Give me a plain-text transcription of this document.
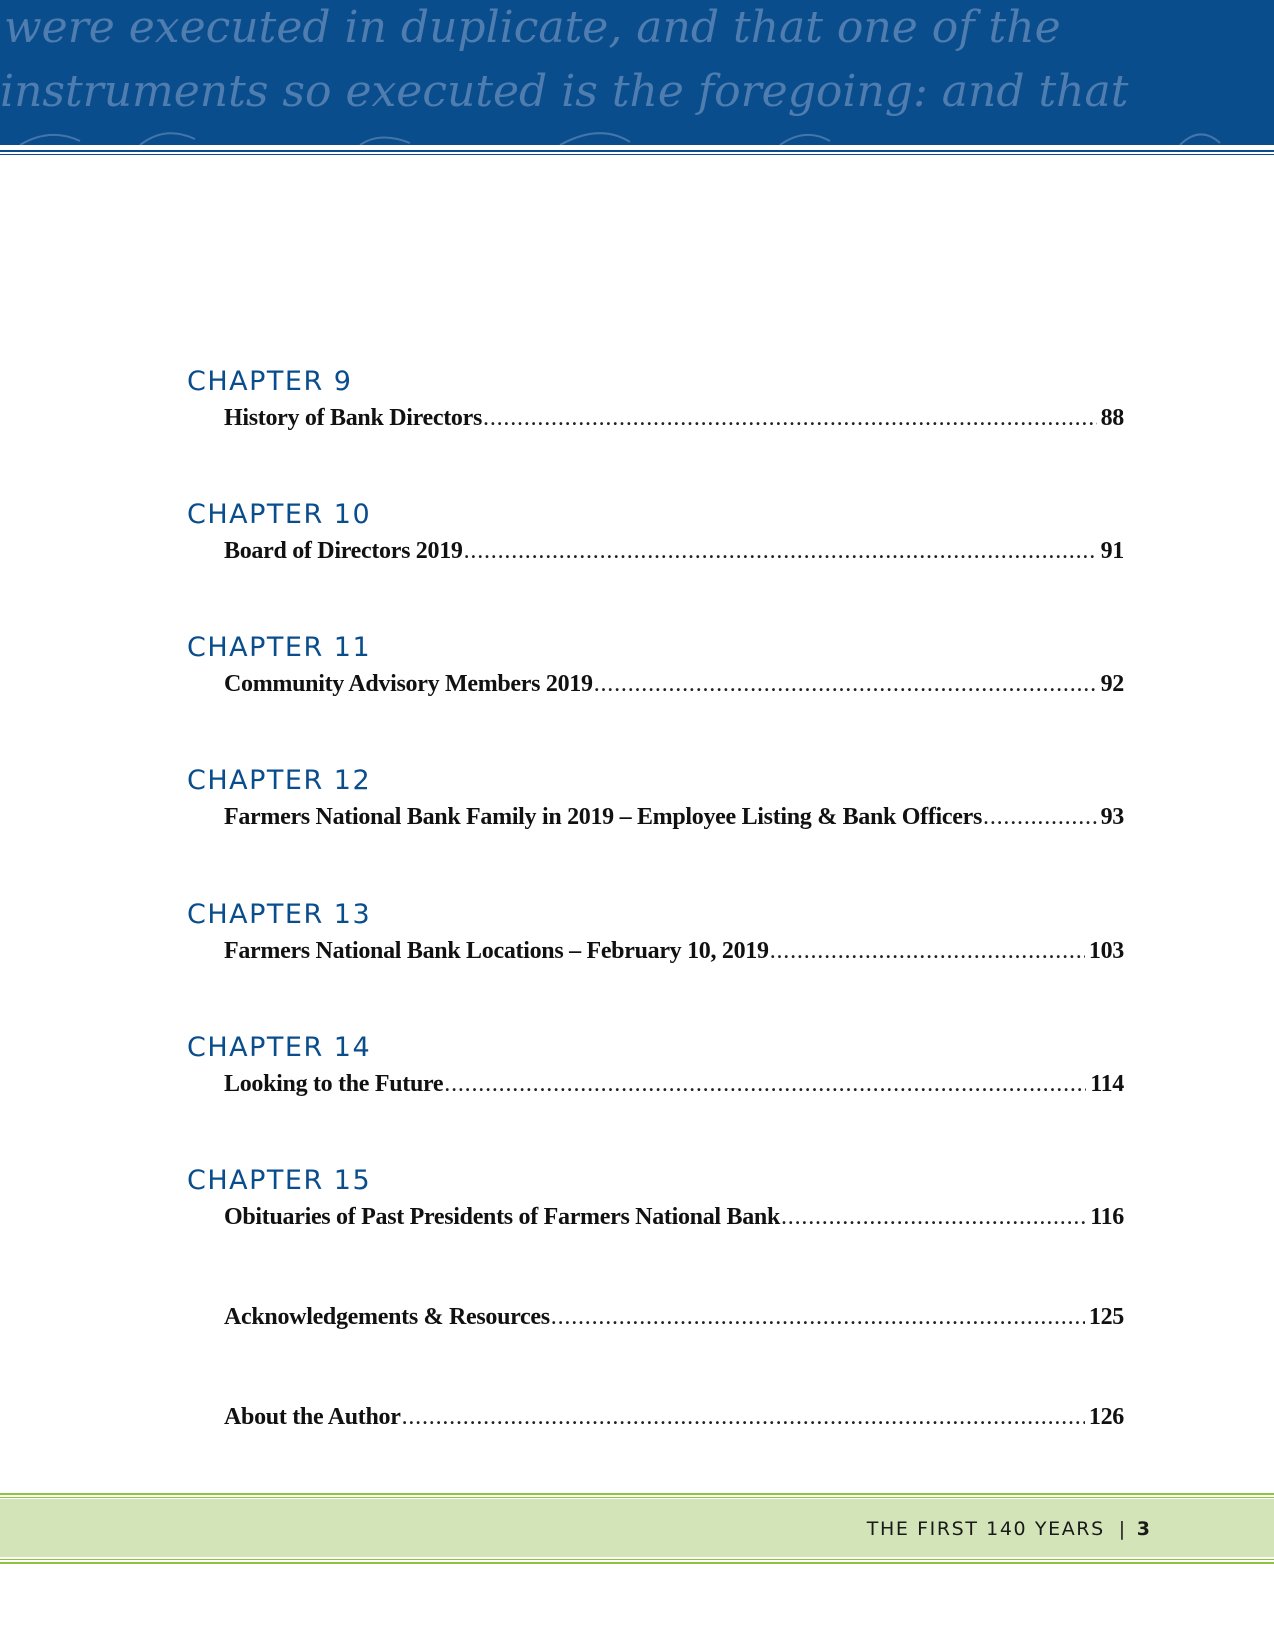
were executed in duplicate, and that one of the
instruments so executed is the foregoing: and that
CHAPTER 9
History of Bank Directors . . .	88
CHAPTER 10
Board of Directors 2019 . . .	91
CHAPTER 11
Community Advisory Members 2019 . . .	92
CHAPTER 12
Farmers National Bank Family in 2019 – Employee Listing & Bank Officers . . .	93
CHAPTER 13
Farmers National Bank Locations – February 10, 2019 . . .	103
CHAPTER 14
Looking to the Future . . .	114
CHAPTER 15
Obituaries of Past Presidents of Farmers National Bank . . .	116
Acknowledgements & Resources . . .	125
About the Author . . .	126
THE FIRST 140 YEARS | 3
